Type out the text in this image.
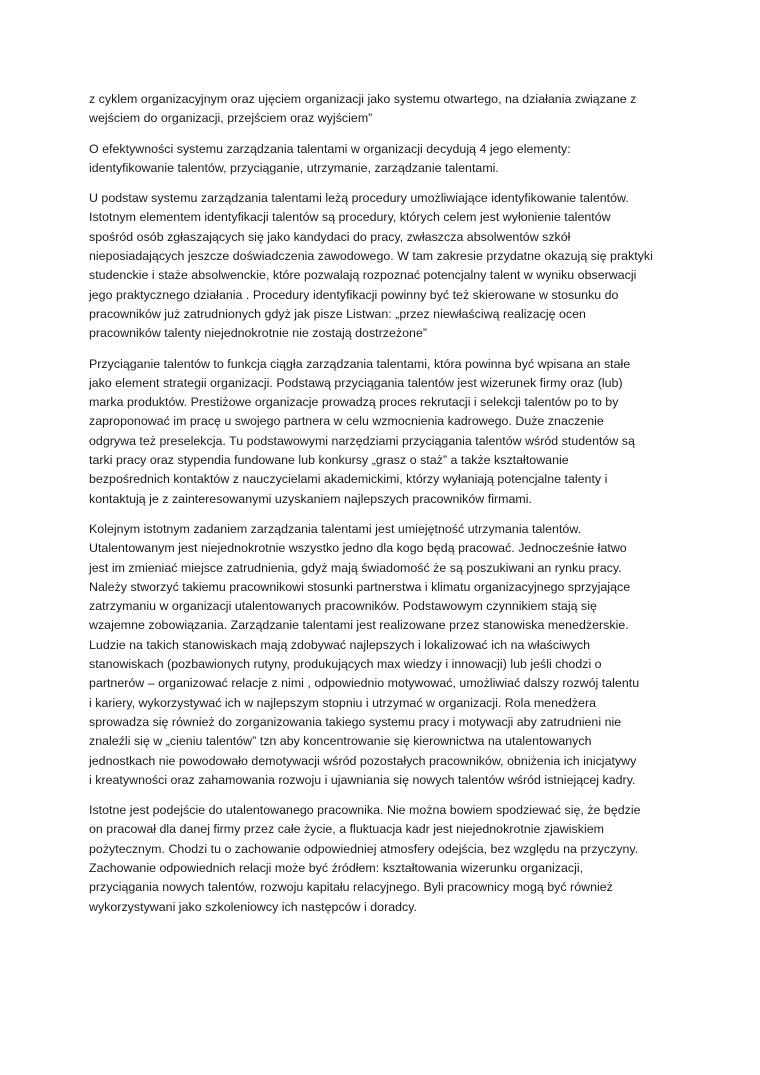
z cyklem organizacyjnym oraz ujęciem organizacji jako systemu otwartego, na działania związane z
wejściem do organizacji, przejściem oraz wyjściem”

O efektywności systemu zarządzania talentami w organizacji decydują 4 jego elementy:
identyfikowanie talentów, przyciąganie, utrzymanie, zarządzanie talentami.

U podstaw systemu zarządzania talentami leżą procedury umożliwiające identyfikowanie talentów.
Istotnym elementem identyfikacji talentów są procedury, których celem jest wyłonienie talentów
spośród osób zgłaszających się jako kandydaci do pracy, zwłaszcza absolwentów szkół
nieposiadających jeszcze doświadczenia zawodowego. W tam zakresie przydatne okazują się praktyki
studenckie i staże absolwenckie, które pozwalają rozpoznać potencjalny talent w wyniku obserwacji
jego praktycznego działania . Procedury identyfikacji powinny być też skierowane w stosunku do
pracowników już zatrudnionych gdyż jak pisze Listwan: „przez niewłaściwą realizację ocen
pracowników talenty niejednokrotnie nie zostają dostrzeżone”

Przyciąganie talentów to funkcja ciągła zarządzania talentami, która powinna być wpisana an stałe
jako element strategii organizacji. Podstawą przyciągania talentów jest wizerunek firmy oraz (lub)
marka produktów. Prestiżowe organizacje prowadzą proces rekrutacji i selekcji talentów po to by
zaproponować im pracę u swojego partnera w celu wzmocnienia kadrowego. Duże znaczenie
odgrywa też preselekcja. Tu podstawowymi narzędziami przyciągania talentów wśród studentów są
tarki pracy oraz stypendia fundowane lub konkursy „grasz o staż” a także kształtowanie
bezpośrednich kontaktów z nauczycielami akademickimi, którzy wyłaniają potencjalne talenty i
kontaktują je z zainteresowanymi uzyskaniem najlepszych pracowników firmami.

Kolejnym istotnym zadaniem zarządzania talentami jest umiejętność utrzymania talentów.
Utalentowanym jest niejednokrotnie wszystko jedno dla kogo będą pracować. Jednocześnie łatwo
jest im zmieniać miejsce zatrudnienia, gdyż mają świadomość że są poszukiwani an rynku pracy.
Należy stworzyć takiemu pracownikowi stosunki partnerstwa i klimatu organizacyjnego sprzyjające
zatrzymaniu w organizacji utalentowanych pracowników. Podstawowym czynnikiem stają się
wzajemne zobowiązania. Zarządzanie talentami jest realizowane przez stanowiska menedżerskie.
Ludzie na takich stanowiskach mają zdobywać najlepszych i lokalizować ich na właściwych
stanowiskach (pozbawionych rutyny, produkujących max wiedzy i innowacji) lub jeśli chodzi o
partnerów – organizować relacje z nimi , odpowiednio motywować, umożliwiać dalszy rozwój talentu
i kariery, wykorzystywać ich w najlepszym stopniu i utrzymać w organizacji. Rola menedżera
sprowadza się również do zorganizowania takiego systemu pracy i motywacji aby zatrudnieni nie
znaleźli się w „cieniu talentów” tzn aby koncentrowanie się kierownictwa na utalentowanych
jednostkach nie powodowało demotywacji wśród pozostałych pracowników, obniżenia ich inicjatywy
i kreatywności oraz zahamowania rozwoju i ujawniania się nowych talentów wśród istniejącej kadry.

Istotne jest podejście do utalentowanego pracownika. Nie można bowiem spodziewać się, że będzie
on pracował dla danej firmy przez całe życie, a fluktuacja kadr jest niejednokrotnie zjawiskiem
pożytecznym. Chodzi tu o zachowanie odpowiedniej atmosfery odejścia, bez względu na przyczyny.
Zachowanie odpowiednich relacji może być źródłem: kształtowania wizerunku organizacji,
przyciągania nowych talentów, rozwoju kapitału relacyjnego. Byli pracownicy mogą być również
wykorzystywani jako szkoleniowcy ich następców i doradcy.
